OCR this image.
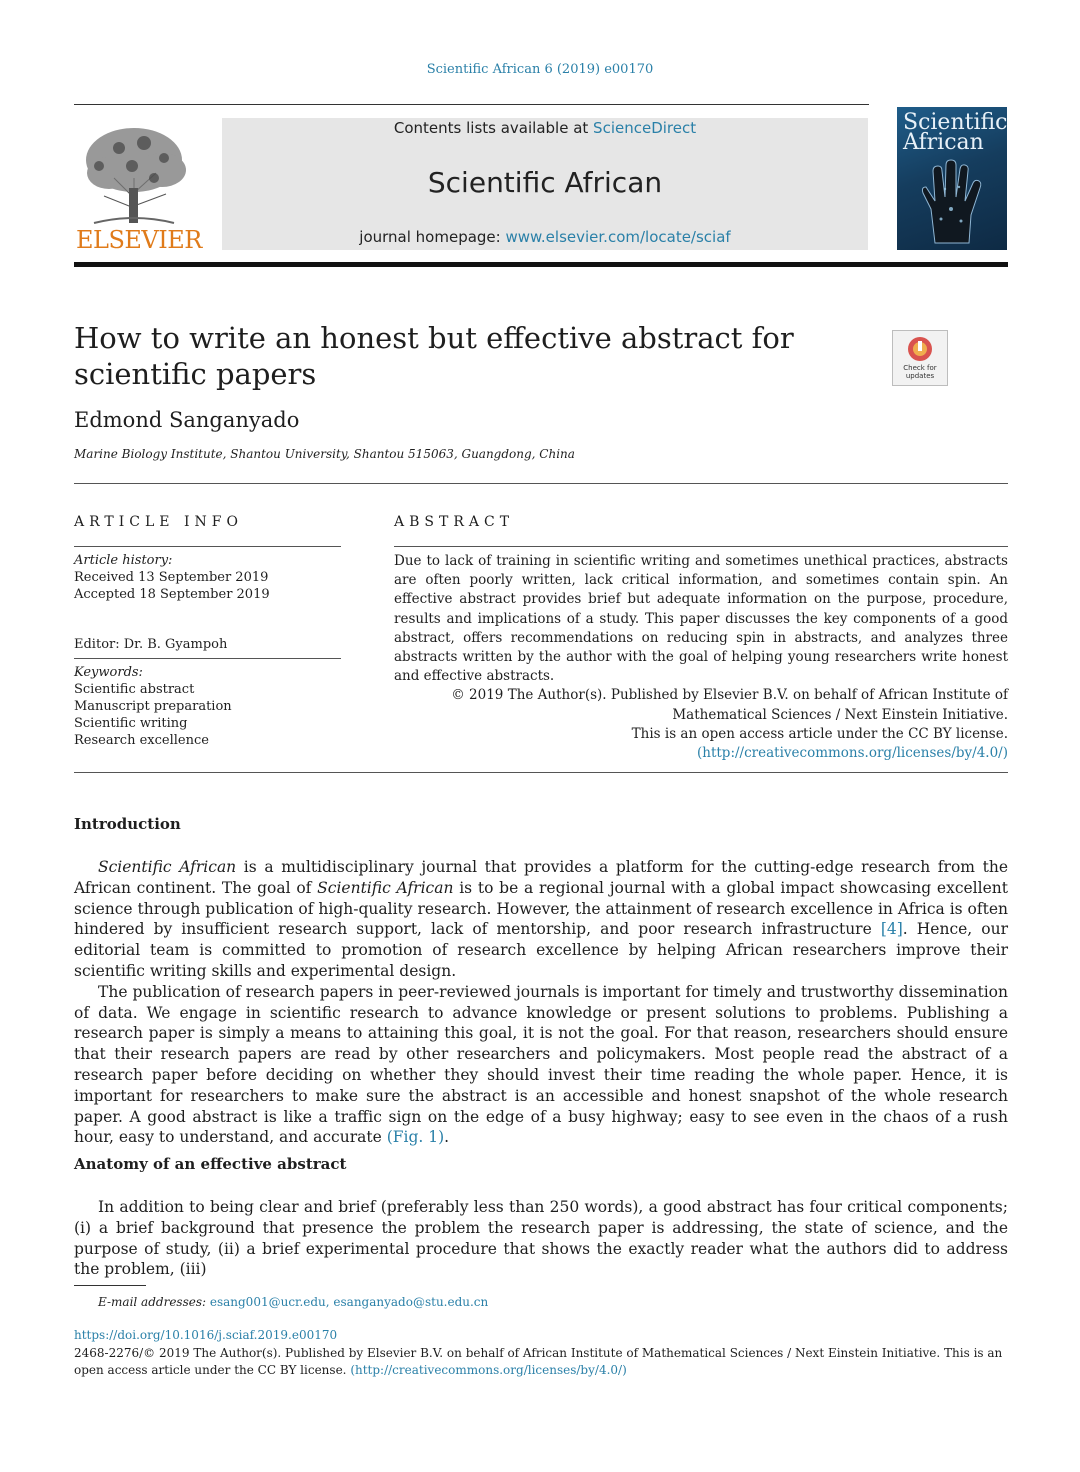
Scientific African 6 (2019) e00170
ELSEVIER
Contents lists available at ScienceDirect
Scientific African
journal homepage: www.elsevier.com/locate/sciaf
Scientific
African
How to write an honest but effective abstract for scientific papers	Check for updates
Edmond Sanganyado
Marine Biology Institute, Shantou University, Shantou 515063, Guangdong, China
ARTICLE INFO
Article history:
Received 13 September 2019
Accepted 18 September 2019
Editor: Dr. B. Gyampoh
Keywords:
Scientific abstract
Manuscript preparation
Scientific writing
Research excellence
ABSTRACT

Due to lack of training in scientific writing and sometimes unethical practices, abstracts are often poorly written, lack critical information, and sometimes contain spin. An effective abstract provides brief but adequate information on the purpose, procedure, results and implications of a study. This paper discusses the key components of a good abstract, offers recommendations on reducing spin in abstracts, and analyzes three abstracts written by the author with the goal of helping young researchers write honest and effective abstracts.

© 2019 The Author(s). Published by Elsevier B.V. on behalf of African Institute of
Mathematical Sciences / Next Einstein Initiative.
This is an open access article under the CC BY license.
(http://creativecommons.org/licenses/by/4.0/)
Introduction

Scientific African is a multidisciplinary journal that provides a platform for the cutting-edge research from the African continent. The goal of Scientific African is to be a regional journal with a global impact showcasing excellent science through publication of high-quality research. However, the attainment of research excellence in Africa is often hindered by insufficient research support, lack of mentorship, and poor research infrastructure [4]. Hence, our editorial team is committed to promotion of research excellence by helping African researchers improve their scientific writing skills and experimental design.

The publication of research papers in peer-reviewed journals is important for timely and trustworthy dissemination of data. We engage in scientific research to advance knowledge or present solutions to problems. Publishing a research paper is simply a means to attaining this goal, it is not the goal. For that reason, researchers should ensure that their research papers are read by other researchers and policymakers. Most people read the abstract of a research paper before deciding on whether they should invest their time reading the whole paper. Hence, it is important for researchers to make sure the abstract is an accessible and honest snapshot of the whole research paper. A good abstract is like a traffic sign on the edge of a busy highway; easy to see even in the chaos of a rush hour, easy to understand, and accurate (Fig. 1).

Anatomy of an effective abstract

In addition to being clear and brief (preferably less than 250 words), a good abstract has four critical components; (i) a brief background that presence the problem the research paper is addressing, the state of science, and the purpose of study, (ii) a brief experimental procedure that shows the exactly reader what the authors did to address the problem, (iii)

E-mail addresses: esang001@ucr.edu, esanganyado@stu.edu.cn
https://doi.org/10.1016/j.sciaf.2019.e00170
2468-2276/© 2019 The Author(s). Published by Elsevier B.V. on behalf of African Institute of Mathematical Sciences / Next Einstein Initiative. This is an open access article under the CC BY license. (http://creativecommons.org/licenses/by/4.0/)
